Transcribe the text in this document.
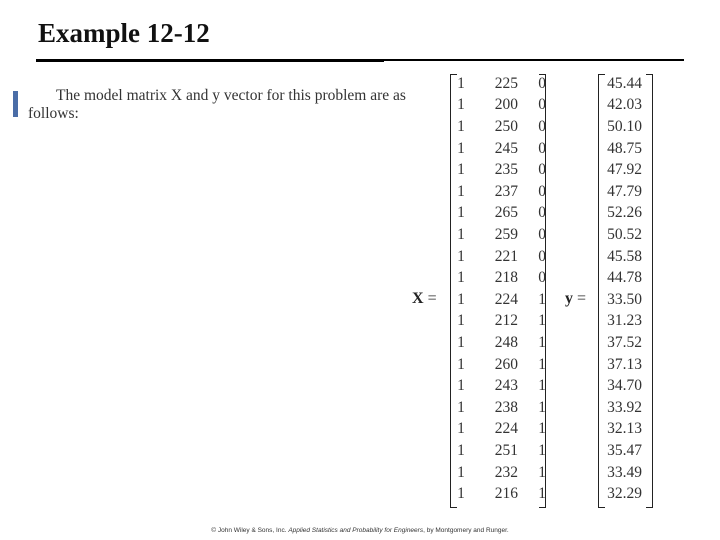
Example 12-12
The model matrix X and y vector for this problem are as
follows:
X =	y =
1	225	0
1	200	0
1	250	0
1	245	0
1	235	0
1	237	0
1	265	0
1	259	0
1	221	0
1	218	0
1	224	1
1	212	1
1	248	1
1	260	1
1	243	1
1	238	1
1	224	1
1	251	1
1	232	1
1	216	1
45.44
42.03
50.10
48.75
47.92
47.79
52.26
50.52
45.58
44.78
33.50
31.23
37.52
37.13
34.70
33.92
32.13
35.47
33.49
32.29
© John Wiley & Sons, Inc. Applied Statistics and Probability for Engineers, by Montgomery and Runger.
